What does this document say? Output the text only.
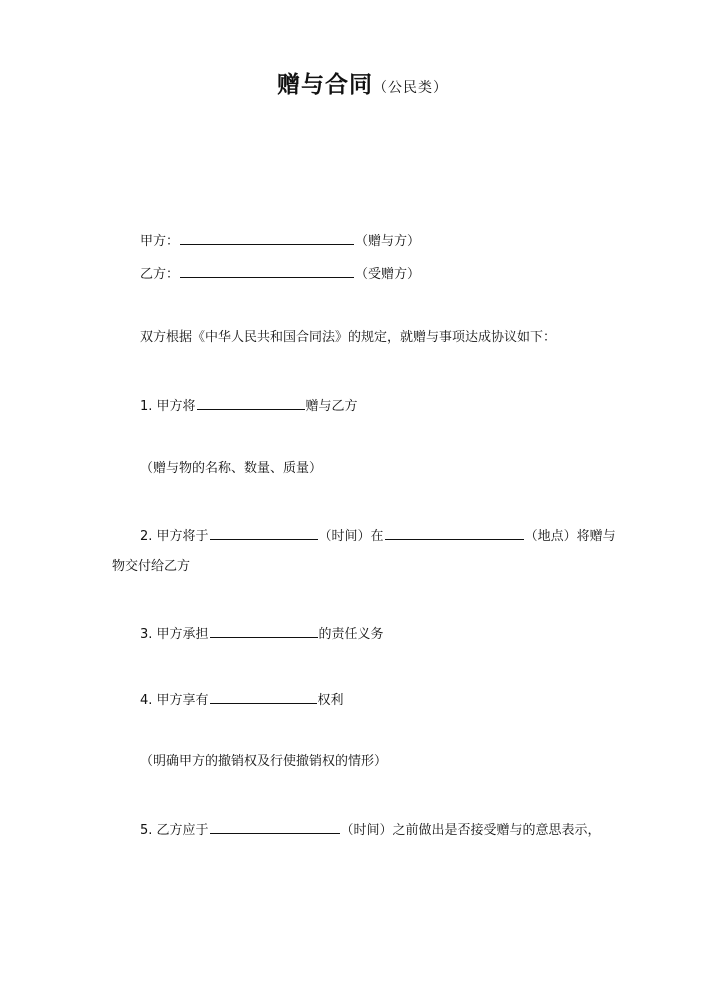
赠与合同（公民类）
甲方：	（赠与方）
乙方：	（受赠方）
双方根据《中华人民共和国合同法》的规定，就赠与事项达成协议如下：
1. 甲方将	赠与乙方
（赠与物的名称、数量、质量）
2. 甲方将于	（时间）在	（地点）将赠与
物交付给乙方
3. 甲方承担	的责任义务
4. 甲方享有	权利
（明确甲方的撤销权及行使撤销权的情形）
5. 乙方应于	（时间）之前做出是否接受赠与的意思表示，
